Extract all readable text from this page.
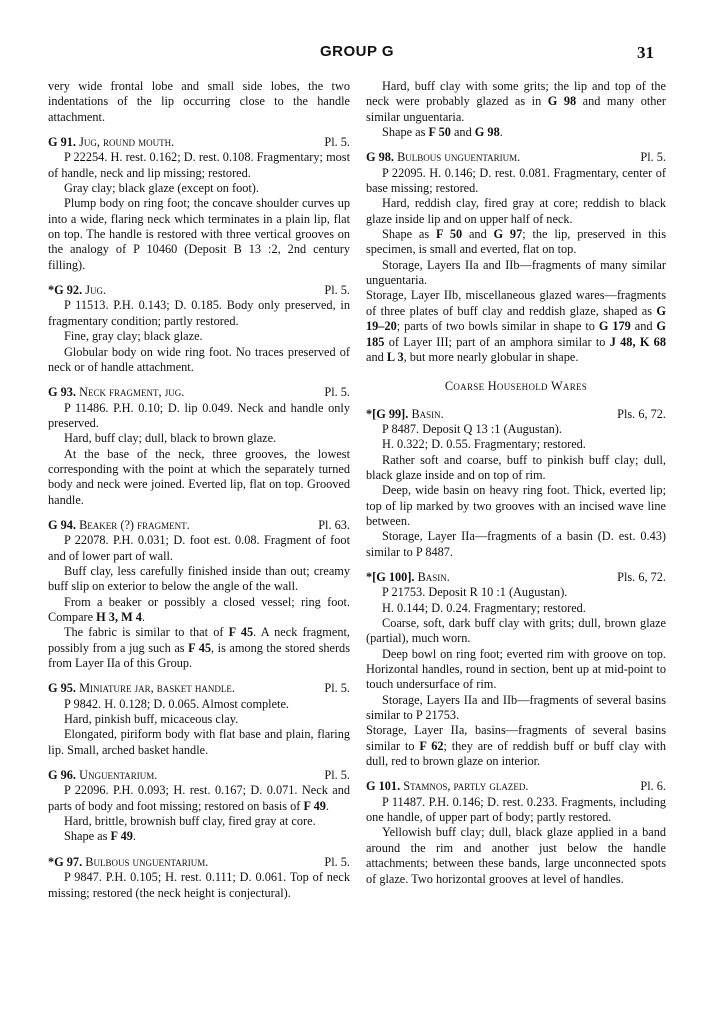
GROUP G	31

very wide frontal lobe and small side lobes, the two indentations of the lip occurring close to the handle attachment.

G 91. Jug, round mouth.	Pl. 5.

P 22254. H. rest. 0.162; D. rest. 0.108. Fragmentary; most of handle, neck and lip missing; restored.

Gray clay; black glaze (except on foot).

Plump body on ring foot; the concave shoulder curves up into a wide, flaring neck which terminates in a plain lip, flat on top. The handle is restored with three vertical grooves on the analogy of P 10460 (Deposit B 13 :2, 2nd century filling).

*G 92. Jug.	Pl. 5.

P 11513. P.H. 0.143; D. 0.185. Body only preserved, in fragmentary condition; partly restored.

Fine, gray clay; black glaze.

Globular body on wide ring foot. No traces preserved of neck or of handle attachment.

G 93. Neck fragment, jug.	Pl. 5.

P 11486. P.H. 0.10; D. lip 0.049. Neck and handle only preserved.

Hard, buff clay; dull, black to brown glaze.

At the base of the neck, three grooves, the lowest corresponding with the point at which the separately turned body and neck were joined. Everted lip, flat on top. Grooved handle.

G 94. Beaker (?) fragment.	Pl. 63.

P 22078. P.H. 0.031; D. foot est. 0.08. Fragment of foot and of lower part of wall.

Buff clay, less carefully finished inside than out; creamy buff slip on exterior to below the angle of the wall.

From a beaker or possibly a closed vessel; ring foot. Compare H 3, M 4.

The fabric is similar to that of F 45. A neck fragment, possibly from a jug such as F 45, is among the stored sherds from Layer IIa of this Group.

G 95. Miniature jar, basket handle.	Pl. 5.

P 9842. H. 0.128; D. 0.065. Almost complete.

Hard, pinkish buff, micaceous clay.

Elongated, piriform body with flat base and plain, flaring lip. Small, arched basket handle.

G 96. Unguentarium.	Pl. 5.

P 22096. P.H. 0.093; H. rest. 0.167; D. 0.071. Neck and parts of body and foot missing; restored on basis of F 49.

Hard, brittle, brownish buff clay, fired gray at core.

Shape as F 49.

*G 97. Bulbous unguentarium.	Pl. 5.

P 9847. P.H. 0.105; H. rest. 0.111; D. 0.061. Top of neck missing; restored (the neck height is conjectural).

Hard, buff clay with some grits; the lip and top of the neck were probably glazed as in G 98 and many other similar unguentaria.

Shape as F 50 and G 98.

G 98. Bulbous unguentarium.	Pl. 5.

P 22095. H. 0.146; D. rest. 0.081. Fragmentary, center of base missing; restored.

Hard, reddish clay, fired gray at core; reddish to black glaze inside lip and on upper half of neck.

Shape as F 50 and G 97; the lip, preserved in this specimen, is small and everted, flat on top.

Storage, Layers IIa and IIb—fragments of many similar unguentaria.

Storage, Layer IIb, miscellaneous glazed wares—fragments of three plates of buff clay and reddish glaze, shaped as G 19–20; parts of two bowls similar in shape to G 179 and G 185 of Layer III; part of an amphora similar to J 48, K 68 and L 3, but more nearly globular in shape.

Coarse Household Wares
*[G 99]. Basin.	Pls. 6, 72.

P 8487. Deposit Q 13 :1 (Augustan).

H. 0.322; D. 0.55. Fragmentary; restored.

Rather soft and coarse, buff to pinkish buff clay; dull, black glaze inside and on top of rim.

Deep, wide basin on heavy ring foot. Thick, everted lip; top of lip marked by two grooves with an incised wave line between.

Storage, Layer IIa—fragments of a basin (D. est. 0.43) similar to P 8487.

*[G 100]. Basin.	Pls. 6, 72.

P 21753. Deposit R 10 :1 (Augustan).

H. 0.144; D. 0.24. Fragmentary; restored.

Coarse, soft, dark buff clay with grits; dull, brown glaze (partial), much worn.

Deep bowl on ring foot; everted rim with groove on top. Horizontal handles, round in section, bent up at mid-point to touch undersurface of rim.

Storage, Layers IIa and IIb—fragments of several basins similar to P 21753.

Storage, Layer IIa, basins—fragments of several basins similar to F 62; they are of reddish buff or buff clay with dull, red to brown glaze on interior.

G 101. Stamnos, partly glazed.	Pl. 6.

P 11487. P.H. 0.146; D. rest. 0.233. Fragments, including one handle, of upper part of body; partly restored.

Yellowish buff clay; dull, black glaze applied in a band around the rim and another just below the handle attachments; between these bands, large unconnected spots of glaze. Two horizontal grooves at level of handles.
